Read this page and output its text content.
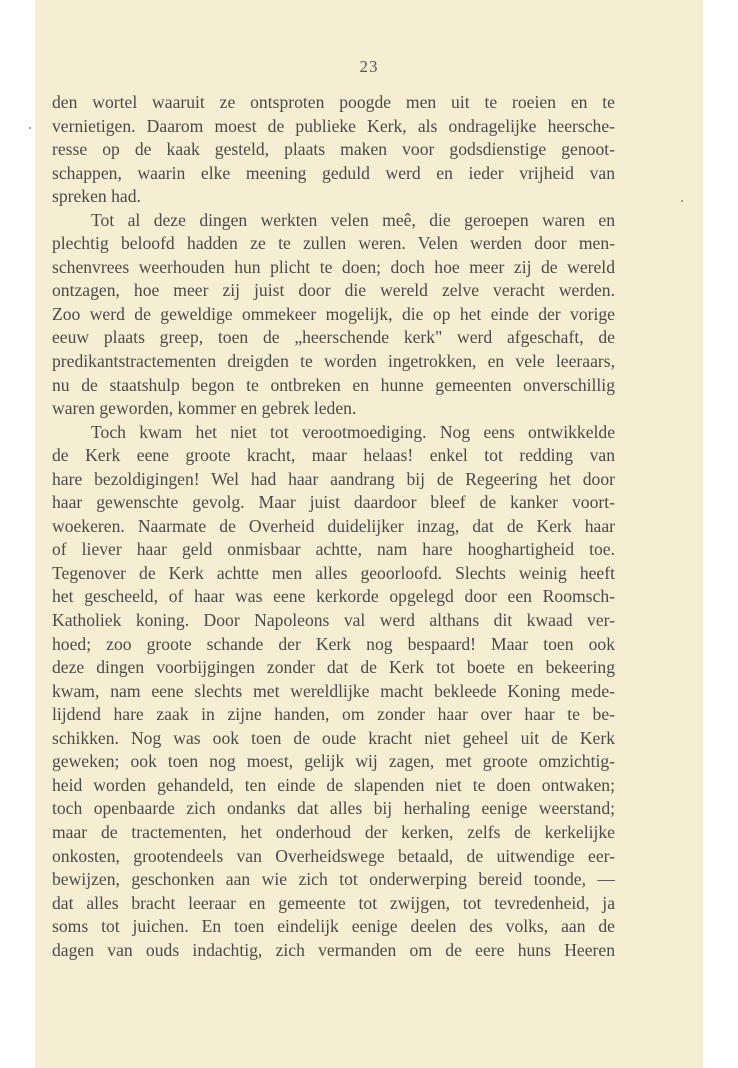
23
den wortel waaruit ze ontsproten poogde men uit te roeien en te
vernietigen. Daarom moest de publieke Kerk, als ondragelijke heersche-
resse op de kaak gesteld, plaats maken voor godsdienstige genoot-
schappen, waarin elke meening geduld werd en ieder vrijheid van
spreken had.
Tot al deze dingen werkten velen meê, die geroepen waren en
plechtig beloofd hadden ze te zullen weren. Velen werden door men-
schenvrees weerhouden hun plicht te doen; doch hoe meer zij de wereld
ontzagen, hoe meer zij juist door die wereld zelve veracht werden.
Zoo werd de geweldige ommekeer mogelijk, die op het einde der vorige
eeuw plaats greep, toen de „heerschende kerk" werd afgeschaft, de
predikantstractementen dreigden te worden ingetrokken, en vele leeraars,
nu de staatshulp begon te ontbreken en hunne gemeenten onverschillig
waren geworden, kommer en gebrek leden.
Toch kwam het niet tot verootmoediging. Nog eens ontwikkelde
de Kerk eene groote kracht, maar helaas! enkel tot redding van
hare bezoldigingen! Wel had haar aandrang bij de Regeering het door
haar gewenschte gevolg. Maar juist daardoor bleef de kanker voort-
woekeren. Naarmate de Overheid duidelijker inzag, dat de Kerk haar
of liever haar geld onmisbaar achtte, nam hare hooghartigheid toe.
Tegenover de Kerk achtte men alles geoorloofd. Slechts weinig heeft
het gescheeld, of haar was eene kerkorde opgelegd door een Roomsch-
Katholiek koning. Door Napoleons val werd althans dit kwaad ver-
hoed; zoo groote schande der Kerk nog bespaard! Maar toen ook
deze dingen voorbijgingen zonder dat de Kerk tot boete en bekeering
kwam, nam eene slechts met wereldlijke macht bekleede Koning mede-
lijdend hare zaak in zijne handen, om zonder haar over haar te be-
schikken. Nog was ook toen de oude kracht niet geheel uit de Kerk
geweken; ook toen nog moest, gelijk wij zagen, met groote omzichtig-
heid worden gehandeld, ten einde de slapenden niet te doen ontwaken;
toch openbaarde zich ondanks dat alles bij herhaling eenige weerstand;
maar de tractementen, het onderhoud der kerken, zelfs de kerkelijke
onkosten, grootendeels van Overheidswege betaald, de uitwendige eer-
bewijzen, geschonken aan wie zich tot onderwerping bereid toonde, —
dat alles bracht leeraar en gemeente tot zwijgen, tot tevredenheid, ja
soms tot juichen. En toen eindelijk eenige deelen des volks, aan de
dagen van ouds indachtig, zich vermanden om de eere huns Heeren
